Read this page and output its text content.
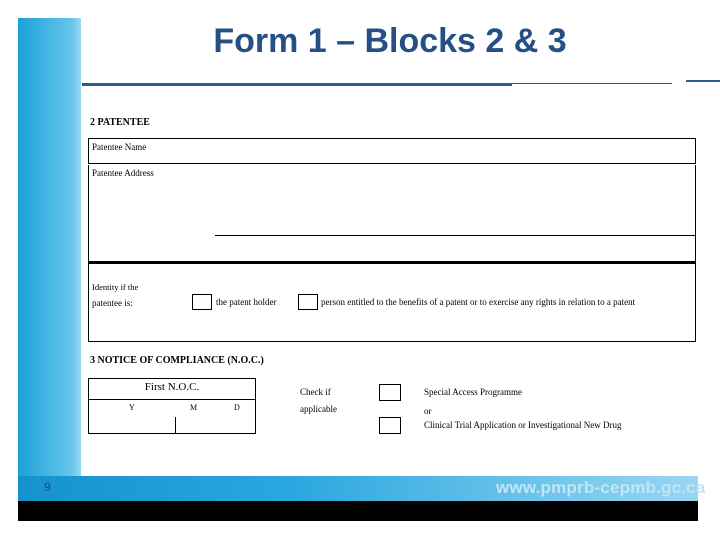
9	www.pmprb-cepmb.gc.ca
Form 1 – Blocks 2 & 3
2 PATENTEE
Patentee Name
Patentee Address
Identity if the
patentee is:	the patent holder	person entitled to the benefits of a patent or to exercise any rights in relation to a patent
3 NOTICE OF COMPLIANCE (N.O.C.)
First N.O.C.
Y	M	D
Check if
applicable
Special Access Programme
or
Clinical Trial Application or Investigational New Drug
